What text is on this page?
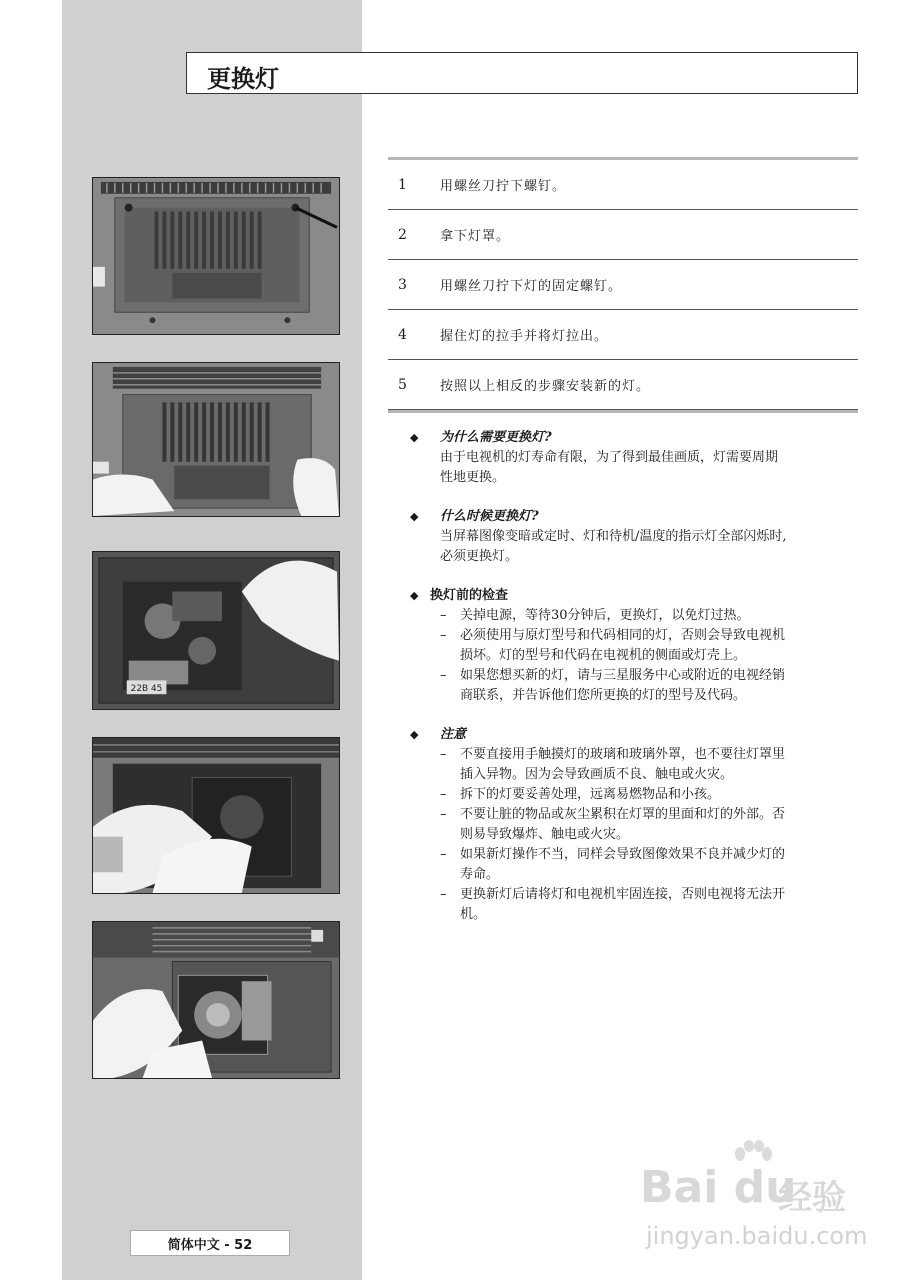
更换灯
22B 45
1	用螺丝刀拧下螺钉。
2	拿下灯罩。
3	用螺丝刀拧下灯的固定螺钉。
4	握住灯的拉手并将灯拉出。
5	按照以上相反的步骤安装新的灯。
◆	为什么需要更换灯?
由于电视机的灯寿命有限，为了得到最佳画质，灯需要周期
性地更换。
◆	什么时候更换灯?
当屏幕图像变暗或定时、灯和待机/温度的指示灯全部闪烁时,
必须更换灯。
◆ 换灯前的检查
–	关掉电源，等待30分钟后，更换灯，以免灯过热。
–	必须使用与原灯型号和代码相同的灯，否则会导致电视机
损坏。灯的型号和代码在电视机的侧面或灯壳上。
–	如果您想买新的灯，请与三星服务中心或附近的电视经销
商联系，并告诉他们您所更换的灯的型号及代码。
◆	注意
–	不要直接用手触摸灯的玻璃和玻璃外罩，也不要往灯罩里
插入异物。因为会导致画质不良、触电或火灾。
–	拆下的灯要妥善处理，远离易燃物品和小孩。
–	不要让脏的物品或灰尘累积在灯罩的里面和灯的外部。否
则易导致爆炸、触电或火灾。
–	如果新灯操作不当，同样会导致图像效果不良并减少灯的
寿命。
–	更换新灯后请将灯和电视机牢固连接，否则电视将无法开
机。
简体中文 - 52
Bai du
经验
jingyan.baidu.com
